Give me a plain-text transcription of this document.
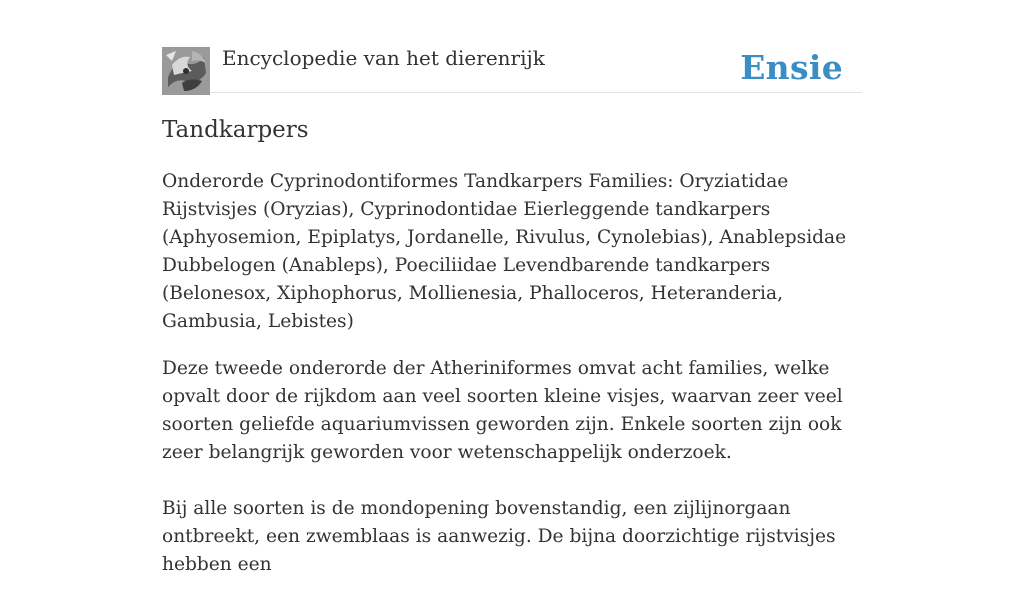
Encyclopedie van het dierenrijk	Ensie
Tandkarpers

Onderorde Cyprinodontiformes Tandkarpers Families: Oryziatidae Rijstvisjes (Oryzias), Cyprinodontidae Eierleggende tandkarpers (Aphyosemion, Epiplatys, Jordanelle, Rivulus, Cynolebias), Anablepsidae Dubbelogen (Anableps), Poeciliidae Levendbarende tandkarpers (Belonesox, Xiphophorus, Mollienesia, Phalloceros, Heteranderia, Gambusia, Lebistes)

Deze tweede onderorde der Atheriniformes omvat acht families, welke opvalt door de rijkdom aan veel soorten kleine visjes, waarvan zeer veel soorten geliefde aquariumvissen geworden zijn. Enkele soorten zijn ook zeer belangrijk geworden voor wetenschappelijk onderzoek.

Bij alle soorten is de mondopening bovenstandig, een zijlijnorgaan ontbreekt, een zwemblaas is aanwezig. De bijna doorzichtige rijstvisjes hebben een
